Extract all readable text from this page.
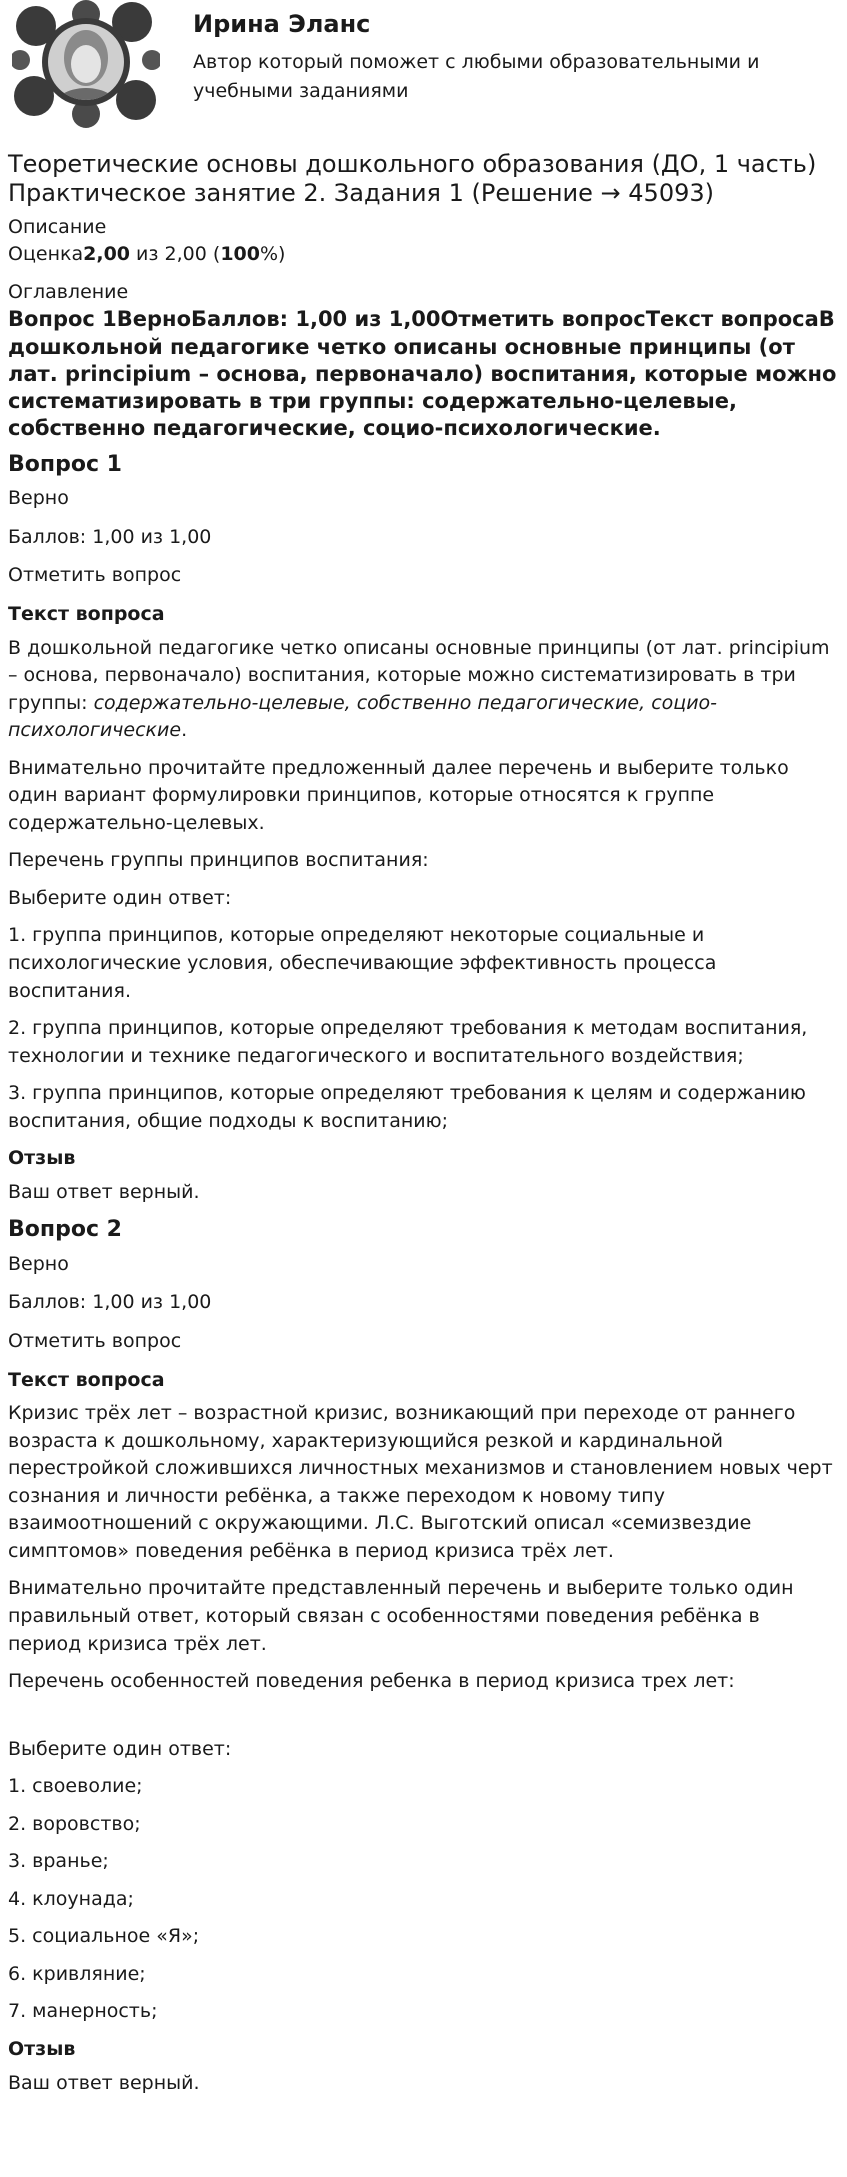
Ирина Эланс
Автор который поможет с любыми образовательными и учебными заданиями
Теоретические основы дошкольного образования (ДО, 1 часть)
Практическое занятие 2. Задания 1 (Решение → 45093)

Описание

Оценка2,00 из 2,00 (100%)

Оглавление

Вопрос 1ВерноБаллов: 1,00 из 1,00Отметить вопросТекст вопросаВ дошкольной педагогике четко описаны основные принципы (от лат. principium – основа, первоначало) воспитания, которые можно систематизировать в три группы: содержательно-целевые, собственно педагогические, социо-психологические.

Вопрос 1

Верно

Баллов: 1,00 из 1,00

Отметить вопрос

Текст вопроса

В дошкольной педагогике четко описаны основные принципы (от лат. principium – основа, первоначало) воспитания, которые можно систематизировать в три группы: содержательно-целевые, собственно педагогические, социо-психологические.

Внимательно прочитайте предложенный далее перечень и выберите только один вариант формулировки принципов, которые относятся к группе содержательно-целевых.

Перечень группы принципов воспитания:

Выберите один ответ:

1. группа принципов, которые определяют некоторые социальные и психологические условия, обеспечивающие эффективность процесса воспитания.

2. группа принципов, которые определяют требования к методам воспитания, технологии и технике педагогического и воспитательного воздействия;

3. группа принципов, которые определяют требования к целям и содержанию воспитания, общие подходы к воспитанию;

Отзыв

Ваш ответ верный.

Вопрос 2

Верно

Баллов: 1,00 из 1,00

Отметить вопрос

Текст вопроса

Кризис трёх лет – возрастной кризис, возникающий при переходе от раннего возраста к дошкольному, характеризующийся резкой и кардинальной перестройкой сложившихся личностных механизмов и становлением новых черт сознания и личности ребёнка, а также переходом к новому типу взаимоотношений с окружающими. Л.С. Выготский описал «семизвездие симптомов» поведения ребёнка в период кризиса трёх лет.

Внимательно прочитайте представленный перечень и выберите только один правильный ответ, который связан с особенностями поведения ребёнка в период кризиса трёх лет.

Перечень особенностей поведения ребенка в период кризиса трех лет:

Выберите один ответ:

1. своеволие;

2. воровство;

3. вранье;

4. клоунада;

5. социальное «Я»;

6. кривляние;

7. манерность;

Отзыв

Ваш ответ верный.
